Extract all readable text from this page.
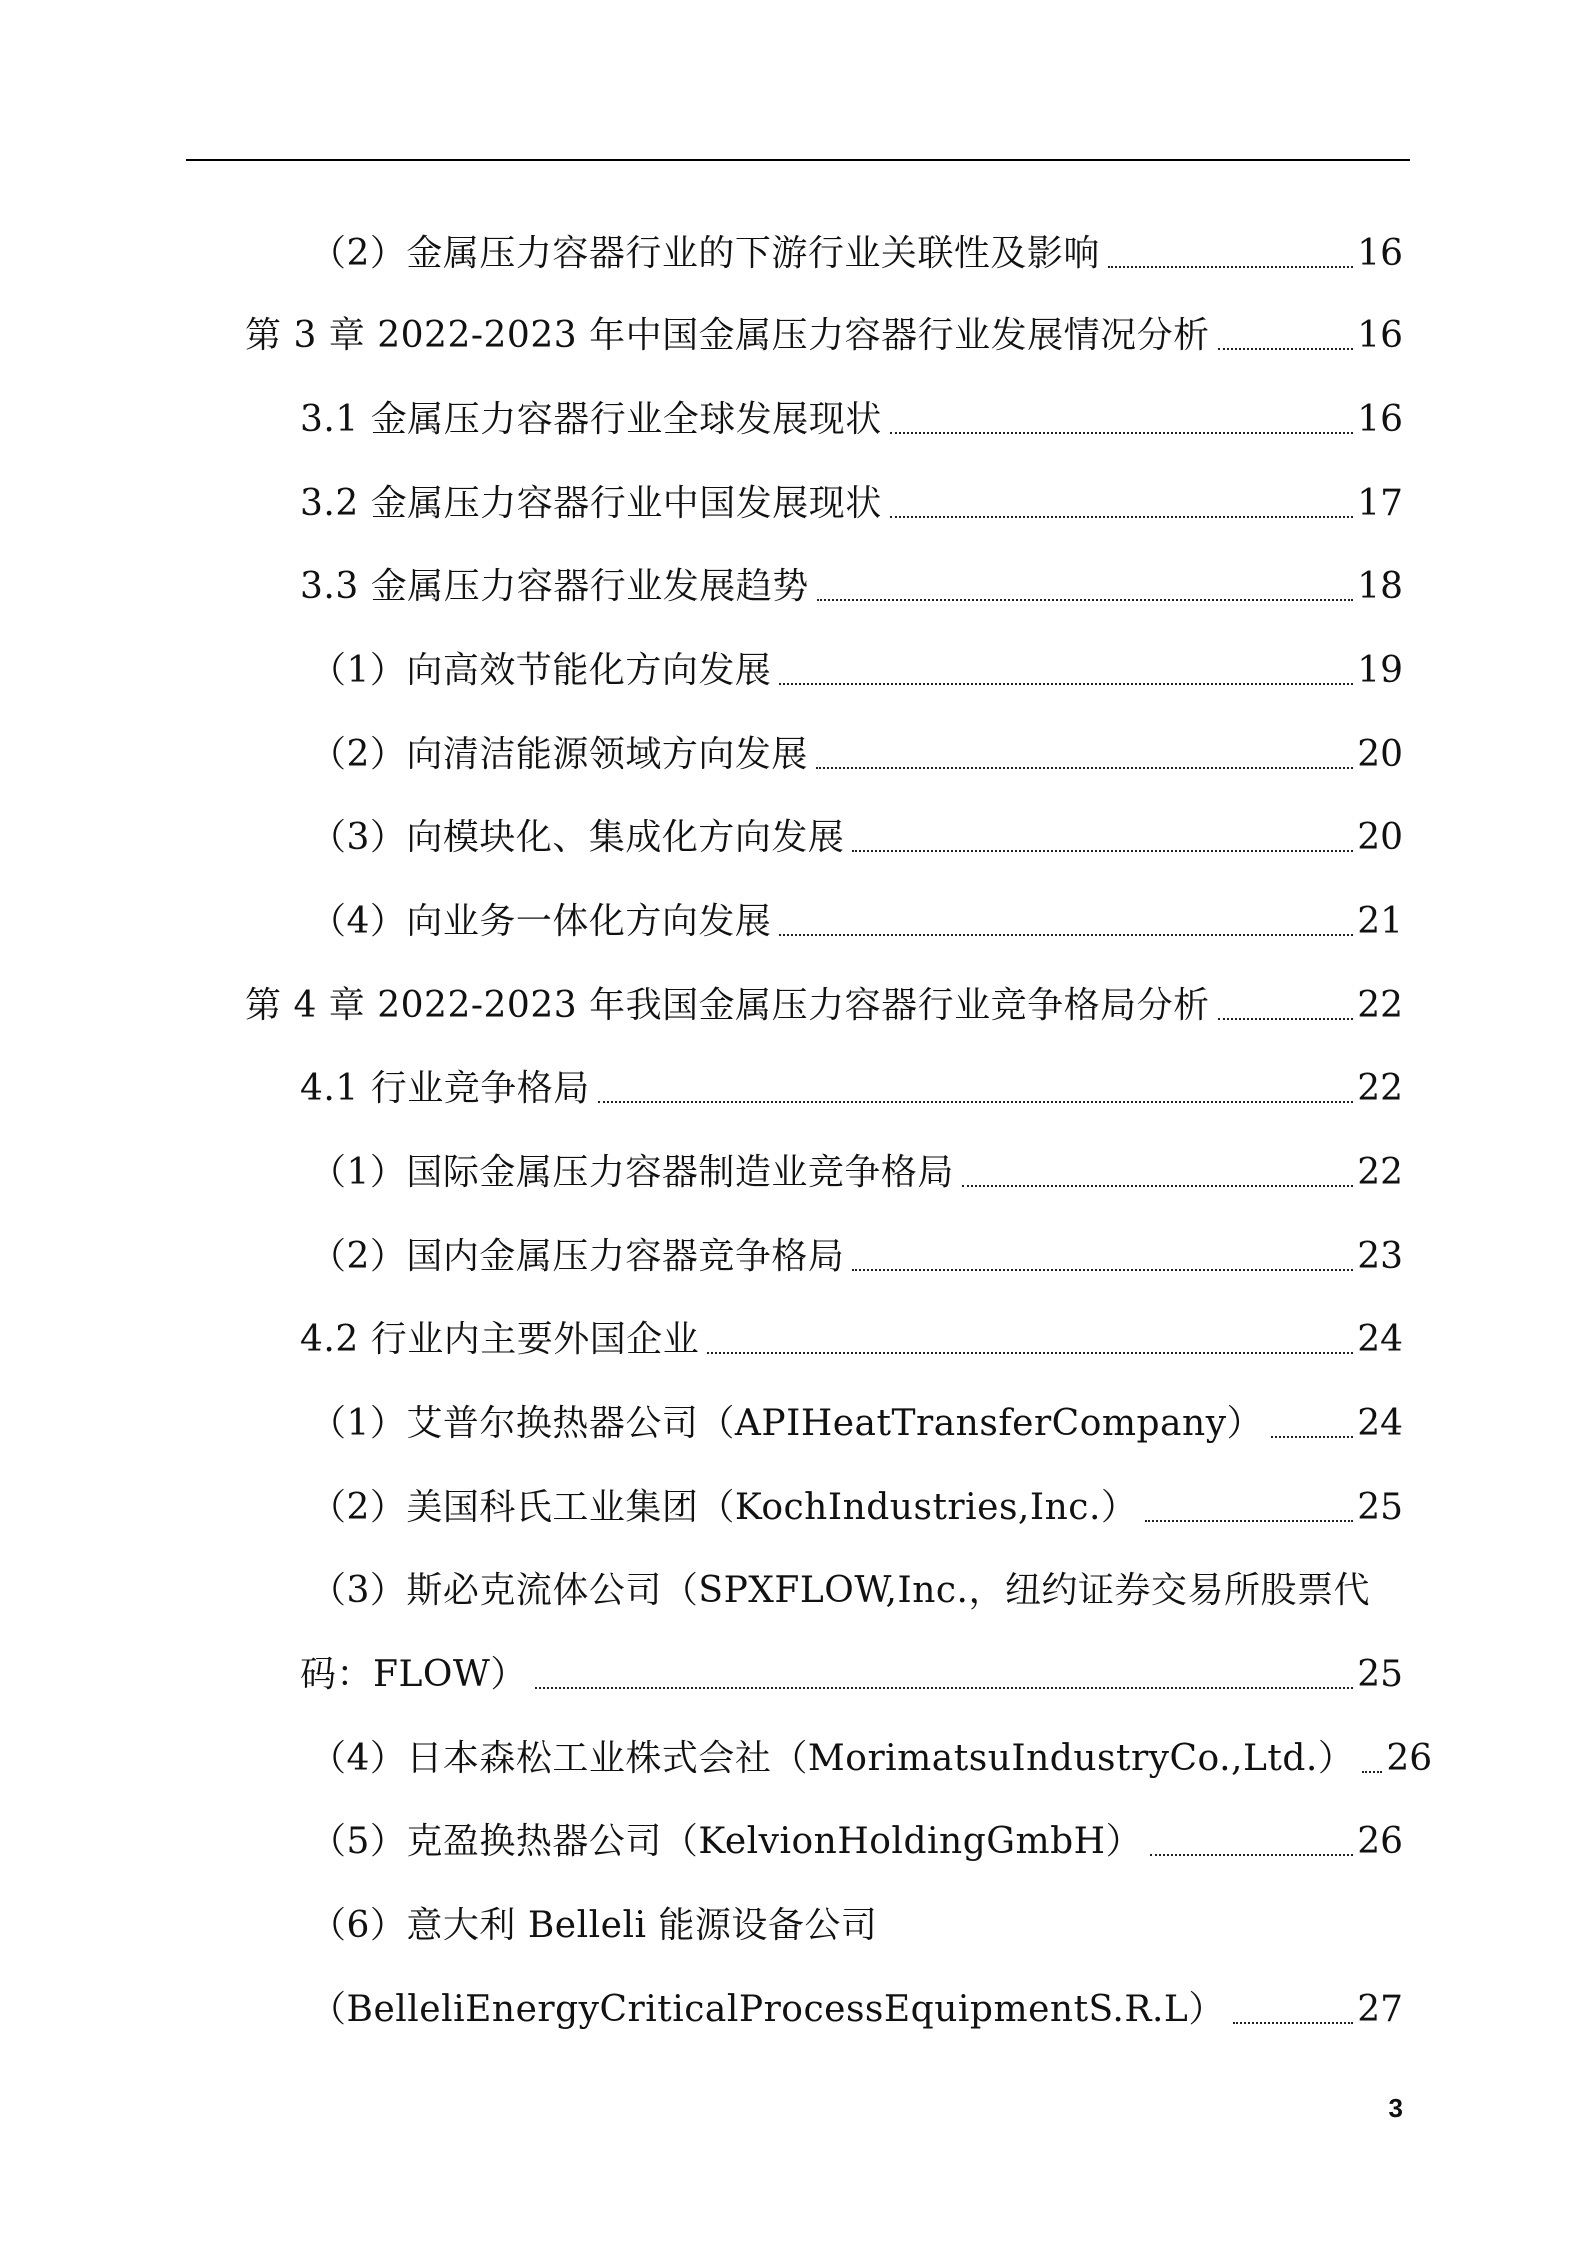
（2）金属压力容器行业的下游行业关联性及影响	16
第 3 章 2022-2023 年中国金属压力容器行业发展情况分析	16
3.1 金属压力容器行业全球发展现状	16
3.2 金属压力容器行业中国发展现状	17
3.3 金属压力容器行业发展趋势	18
（1）向高效节能化方向发展	19
（2）向清洁能源领域方向发展	20
（3）向模块化、集成化方向发展	20
（4）向业务一体化方向发展	21
第 4 章 2022-2023 年我国金属压力容器行业竞争格局分析	22
4.1 行业竞争格局	22
（1）国际金属压力容器制造业竞争格局	22
（2）国内金属压力容器竞争格局	23
4.2 行业内主要外国企业	24
（1）艾普尔换热器公司（APIHeatTransferCompany）	24
（2）美国科氏工业集团（KochIndustries,Inc.）	25
（3）斯必克流体公司（SPXFLOW,Inc.，纽约证券交易所股票代
码：FLOW）	25
（4）日本森松工业株式会社（MorimatsuIndustryCo.,Ltd.） 26
（5）克盈换热器公司（KelvionHoldingGmbH）	26
（6）意大利 Belleli 能源设备公司
（BelleliEnergyCriticalProcessEquipmentS.R.L）	27
3
